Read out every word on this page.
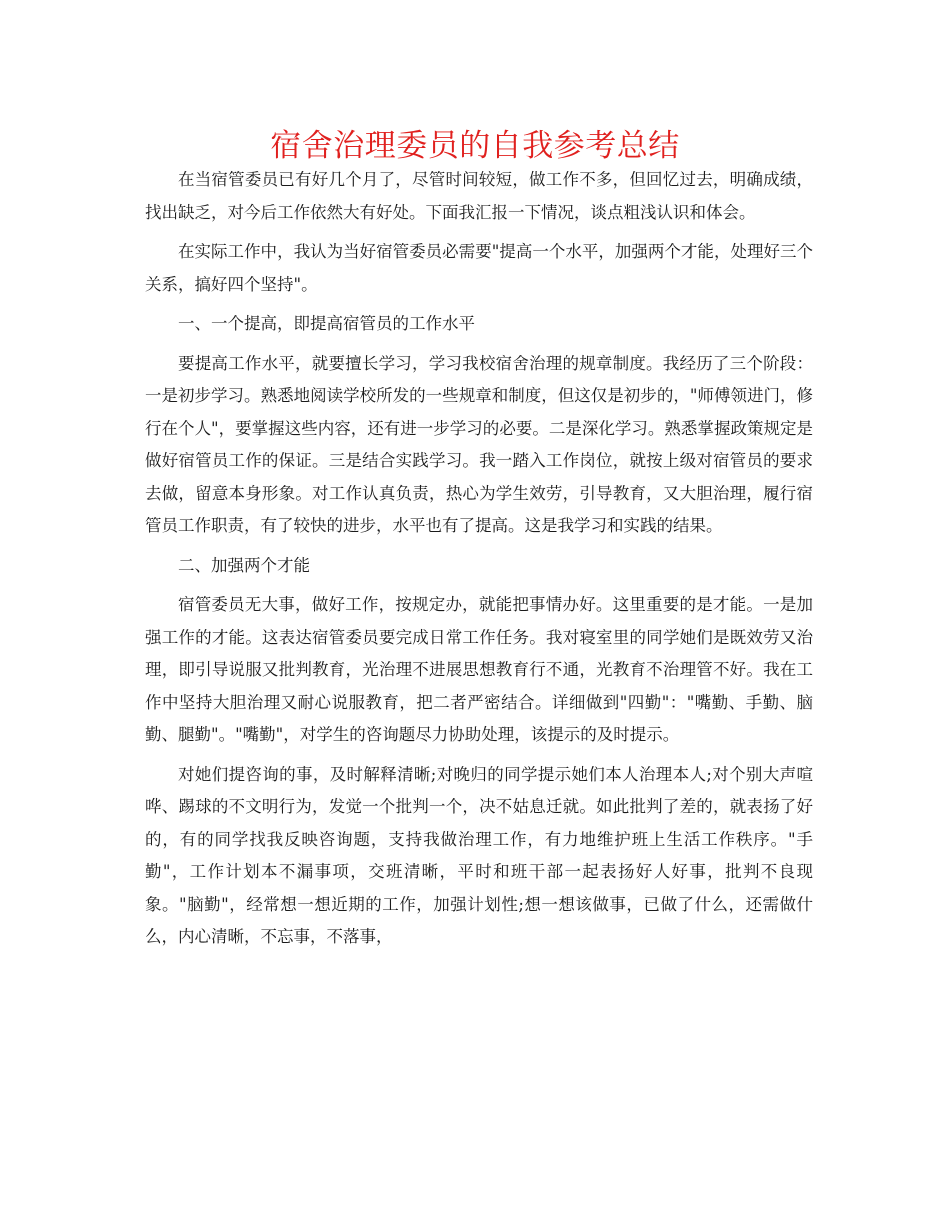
宿舍治理委员的自我参考总结

在当宿管委员已有好几个月了，尽管时间较短，做工作不多，但回忆过去，明确成绩，找出缺乏，对今后工作依然大有好处。下面我汇报一下情况，谈点粗浅认识和体会。

在实际工作中，我认为当好宿管委员必需要"提高一个水平，加强两个才能，处理好三个关系，搞好四个坚持"。

一、一个提高，即提高宿管员的工作水平

要提高工作水平，就要擅长学习，学习我校宿舍治理的规章制度。我经历了三个阶段：一是初步学习。熟悉地阅读学校所发的一些规章和制度，但这仅是初步的，"师傅领进门，修行在个人"，要掌握这些内容，还有进一步学习的必要。二是深化学习。熟悉掌握政策规定是做好宿管员工作的保证。三是结合实践学习。我一踏入工作岗位，就按上级对宿管员的要求去做，留意本身形象。对工作认真负责，热心为学生效劳，引导教育，又大胆治理，履行宿管员工作职责，有了较快的进步，水平也有了提高。这是我学习和实践的结果。

二、加强两个才能

宿管委员无大事，做好工作，按规定办，就能把事情办好。这里重要的是才能。一是加强工作的才能。这表达宿管委员要完成日常工作任务。我对寝室里的同学她们是既效劳又治理，即引导说服又批判教育，光治理不进展思想教育行不通，光教育不治理管不好。我在工作中坚持大胆治理又耐心说服教育，把二者严密结合。详细做到"四勤"："嘴勤、手勤、脑勤、腿勤"。"嘴勤"，对学生的咨询题尽力协助处理，该提示的及时提示。

对她们提咨询的事，及时解释清晰;对晚归的同学提示她们本人治理本人;对个别大声喧哗、踢球的不文明行为，发觉一个批判一个，决不姑息迁就。如此批判了差的，就表扬了好的，有的同学找我反映咨询题，支持我做治理工作，有力地维护班上生活工作秩序。"手勤"，工作计划本不漏事项，交班清晰，平时和班干部一起表扬好人好事，批判不良现象。"脑勤"，经常想一想近期的工作，加强计划性;想一想该做事，已做了什么，还需做什么，内心清晰，不忘事，不落事，
